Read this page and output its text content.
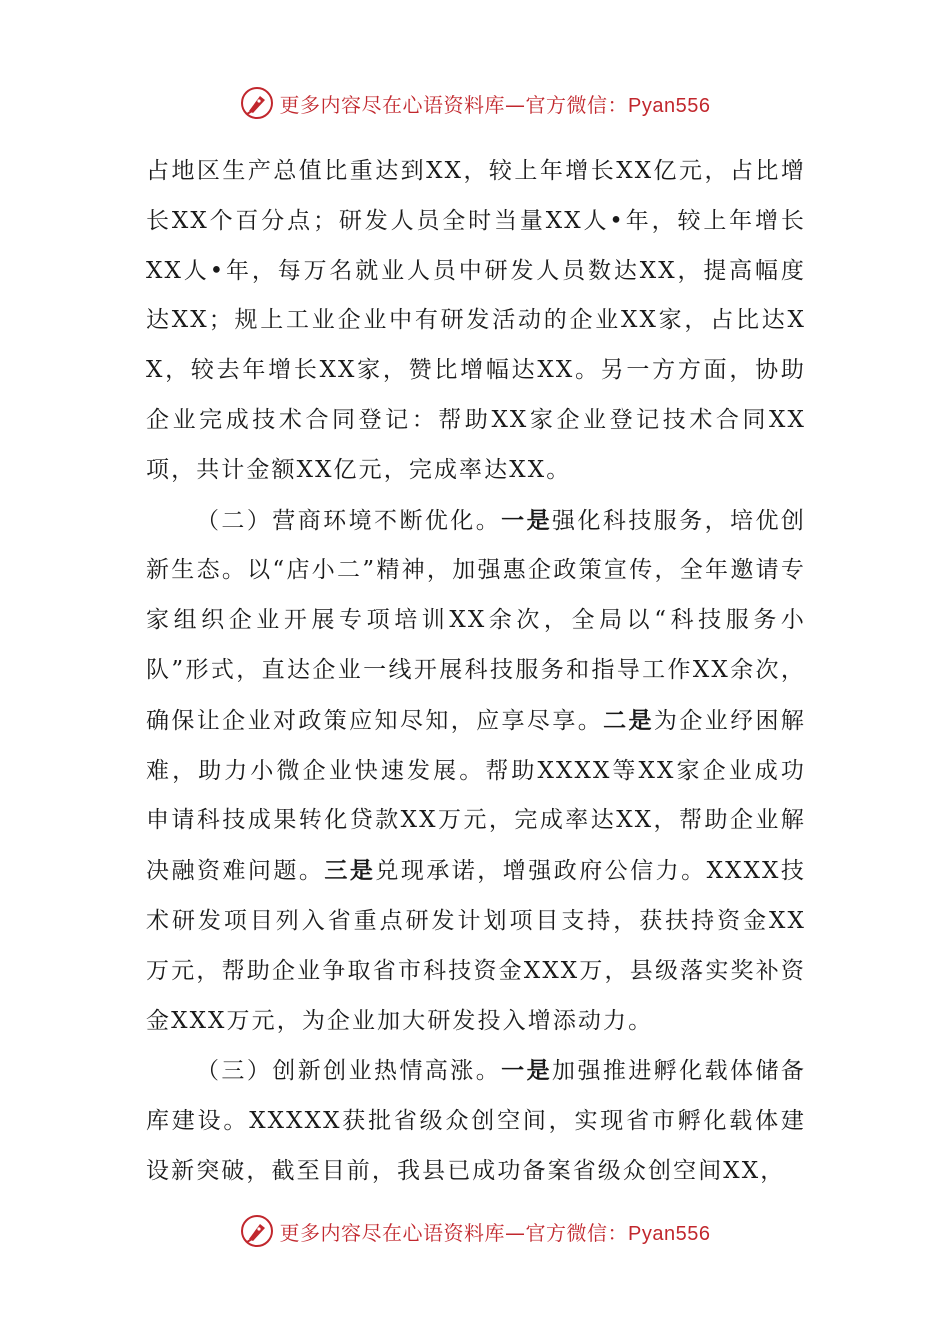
更多内容尽在心语资料库—官方微信：Pyan556

占地区生产总值比重达到XX，较上年增长XX亿元，占比增长XX个百分点；研发人员全时当量XX人•年，较上年增长XX人•年，每万名就业人员中研发人员数达XX，提高幅度达XX；规上工业企业中有研发活动的企业XX家，占比达XX，较去年增长XX家，赞比增幅达XX。另一方方面，协助企业完成技术合同登记：帮助XX家企业登记技术合同XX项，共计金额XX亿元，完成率达XX。

（二）营商环境不断优化。一是强化科技服务，培优创新生态。以“店小二”精神，加强惠企政策宣传，全年邀请专家组织企业开展专项培训XX余次，全局以“科技服务小队”形式，直达企业一线开展科技服务和指导工作XX余次，确保让企业对政策应知尽知，应享尽享。二是为企业纾困解难，助力小微企业快速发展。帮助XXXX等XX家企业成功申请科技成果转化贷款XX万元，完成率达XX，帮助企业解决融资难问题。三是兑现承诺，增强政府公信力。XXXX技术研发项目列入省重点研发计划项目支持，获扶持资金XX万元，帮助企业争取省市科技资金XXX万，县级落实奖补资金XXX万元，为企业加大研发投入增添动力。

（三）创新创业热情高涨。一是加强推进孵化载体储备库建设。XXXXX获批省级众创空间，实现省市孵化载体建设新突破，截至目前，我县已成功备案省级众创空间XX，

更多内容尽在心语资料库—官方微信：Pyan556
